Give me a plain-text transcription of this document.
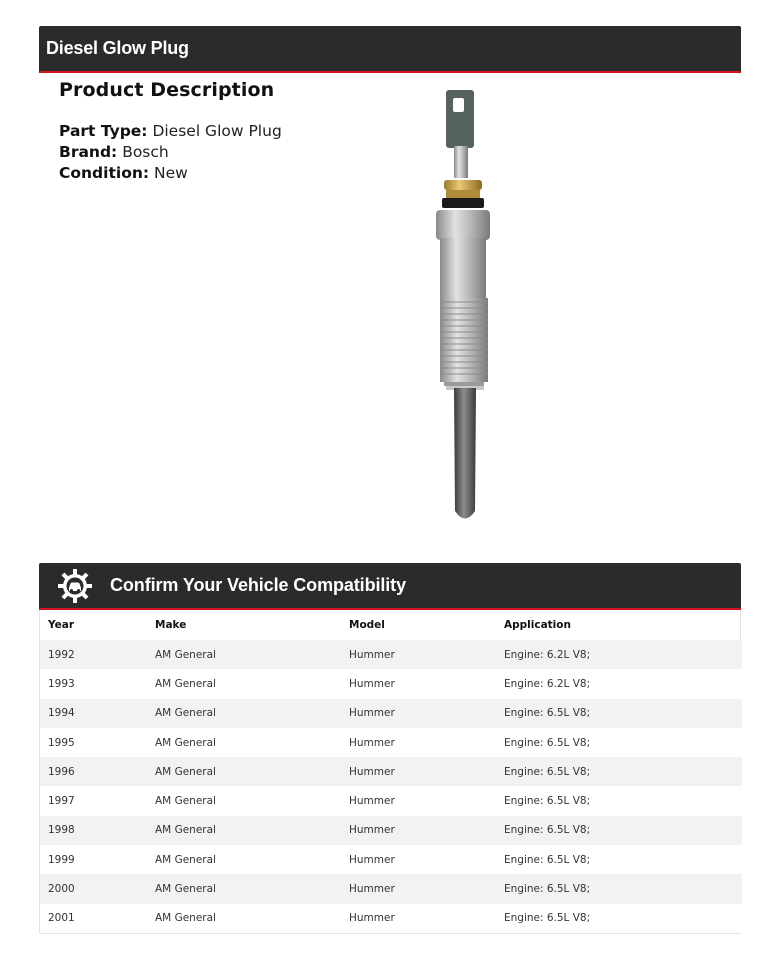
Diesel Glow Plug
Product Description
Part Type: Diesel Glow Plug
Brand: Bosch
Condition: New
Confirm Your Vehicle Compatibility
Year	Make	Model	Application
1992	AM General	Hummer	Engine: 6.2L V8;
1993	AM General	Hummer	Engine: 6.2L V8;
1994	AM General	Hummer	Engine: 6.5L V8;
1995	AM General	Hummer	Engine: 6.5L V8;
1996	AM General	Hummer	Engine: 6.5L V8;
1997	AM General	Hummer	Engine: 6.5L V8;
1998	AM General	Hummer	Engine: 6.5L V8;
1999	AM General	Hummer	Engine: 6.5L V8;
2000	AM General	Hummer	Engine: 6.5L V8;
2001	AM General	Hummer	Engine: 6.5L V8;
